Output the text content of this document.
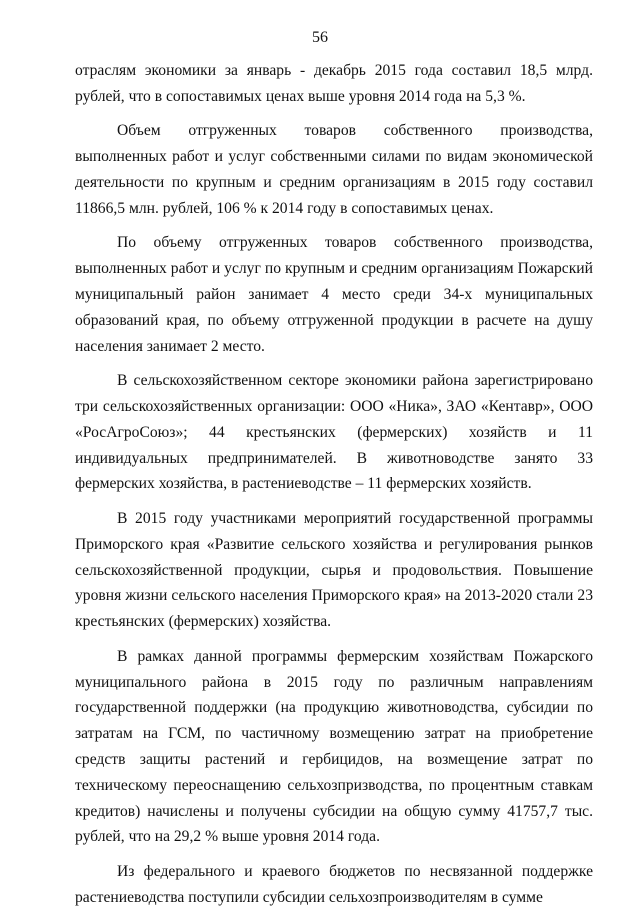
56

отраслям экономики за январь - декабрь 2015 года составил 18,5 млрд. рублей, что в сопоставимых ценах выше уровня 2014 года на 5,3 %.

Объем отгруженных товаров собственного производства, выполненных работ и услуг собственными силами по видам экономической деятельности по крупным и средним организациям в 2015 году составил 11866,5 млн. рублей, 106 % к 2014 году в сопоставимых ценах.

По объему отгруженных товаров собственного производства, выполненных работ и услуг по крупным и средним организациям Пожарский муниципальный район занимает 4 место среди 34-х муниципальных образований края, по объему отгруженной продукции в расчете на душу населения занимает 2 место.

В сельскохозяйственном секторе экономики района зарегистрировано три сельскохозяйственных организации: ООО «Ника», ЗАО «Кентавр», ООО «РосАгроСоюз»; 44 крестьянских (фермерских) хозяйств и 11 индивидуальных предпринимателей. В животноводстве занято 33 фермерских хозяйства, в растениеводстве – 11 фермерских хозяйств.

В 2015 году участниками мероприятий государственной программы Приморского края «Развитие сельского хозяйства и регулирования рынков сельскохозяйственной продукции, сырья и продовольствия. Повышение уровня жизни сельского населения Приморского края» на 2013-2020 стали 23 крестьянских (фермерских) хозяйства.

В рамках данной программы фермерским хозяйствам Пожарского муниципального района в 2015 году по различным направлениям государственной поддержки (на продукцию животноводства, субсидии по затратам на ГСМ, по частичному возмещению затрат на приобретение средств защиты растений и гербицидов, на возмещение затрат по техническому переоснащению сельхозпризводства, по процентным ставкам кредитов) начислены и получены субсидии на общую сумму 41757,7 тыс. рублей, что на 29,2 % выше уровня 2014 года.

Из федерального и краевого бюджетов по несвязанной поддержке растениеводства поступили субсидии сельхозпроизводителям в сумме
